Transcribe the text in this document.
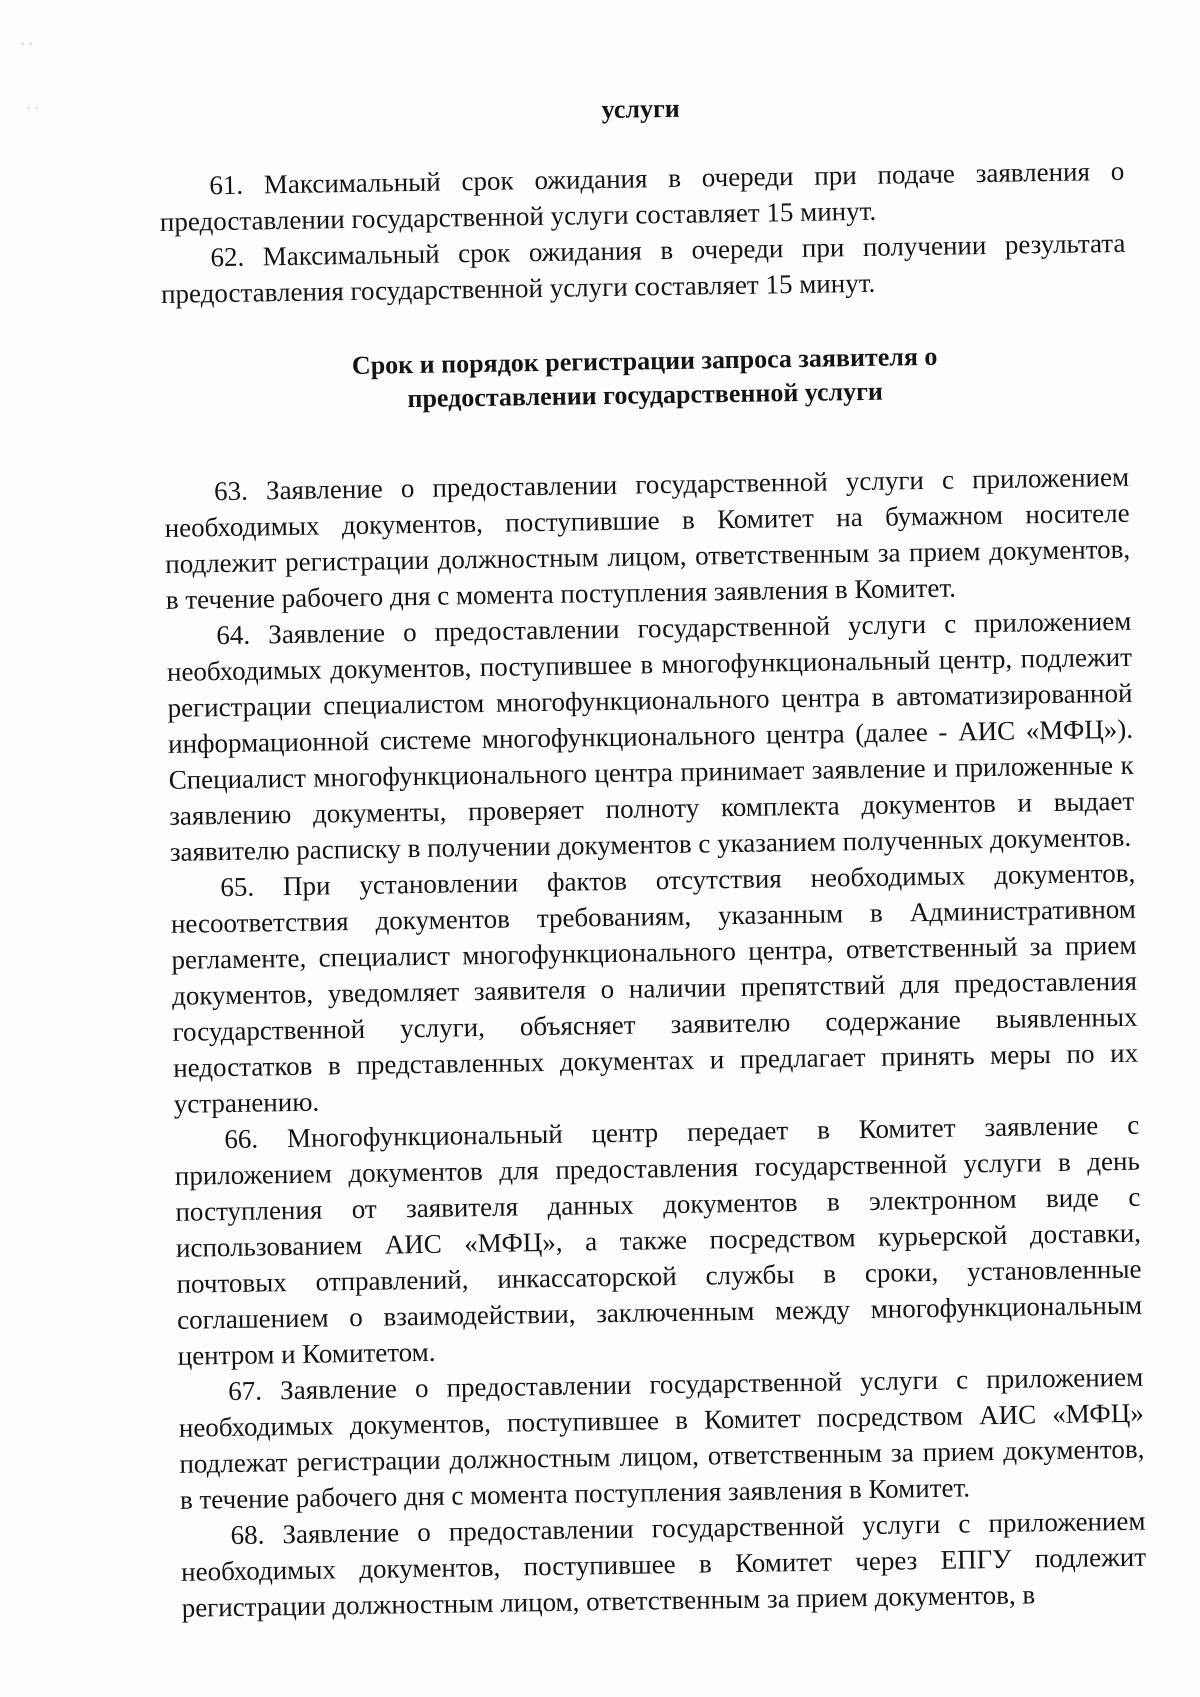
◦ ◦
◦ ◦	услуги

61. Максимальный срок ожидания в очереди при подаче заявления о предоставлении государственной услуги составляет 15 минут.

62. Максимальный срок ожидания в очереди при получении результата предоставления государственной услуги составляет 15 минут.

Срок и порядок регистрации запроса заявителя о
предоставлении государственной услуги

63. Заявление о предоставлении государственной услуги с приложением необходимых документов, поступившие в Комитет на бумажном носителе подлежит регистрации должностным лицом, ответственным за прием документов, в течение рабочего дня с момента поступления заявления в Комитет.

64. Заявление о предоставлении государственной услуги с приложением необходимых документов, поступившее в многофункциональный центр, подлежит регистрации специалистом многофункционального центра в автоматизированной информационной системе многофункционального центра (далее - АИС «МФЦ»). Специалист многофункционального центра принимает заявление и приложенные к заявлению документы, проверяет полноту комплекта документов и выдает заявителю расписку в получении документов с указанием полученных документов.

65. При установлении фактов отсутствия необходимых документов, несоответствия документов требованиям, указанным в Административном регламенте, специалист многофункционального центра, ответственный за прием документов, уведомляет заявителя о наличии препятствий для предоставления государственной услуги, объясняет заявителю содержание выявленных недостатков в представленных документах и предлагает принять меры по их устранению.

66. Многофункциональный центр передает в Комитет заявление с приложением документов для предоставления государственной услуги в день поступления от заявителя данных документов в электронном виде с использованием АИС «МФЦ», а также посредством курьерской доставки, почтовых отправлений, инкассаторской службы в сроки, установленные соглашением о взаимодействии, заключенным между многофункциональным центром и Комитетом.

67. Заявление о предоставлении государственной услуги с приложением необходимых документов, поступившее в Комитет посредством АИС «МФЦ» подлежат регистрации должностным лицом, ответственным за прием документов, в течение рабочего дня с момента поступления заявления в Комитет.

68. Заявление о предоставлении государственной услуги с приложением необходимых документов, поступившее в Комитет через ЕПГУ подлежит регистрации должностным лицом, ответственным за прием документов, в
